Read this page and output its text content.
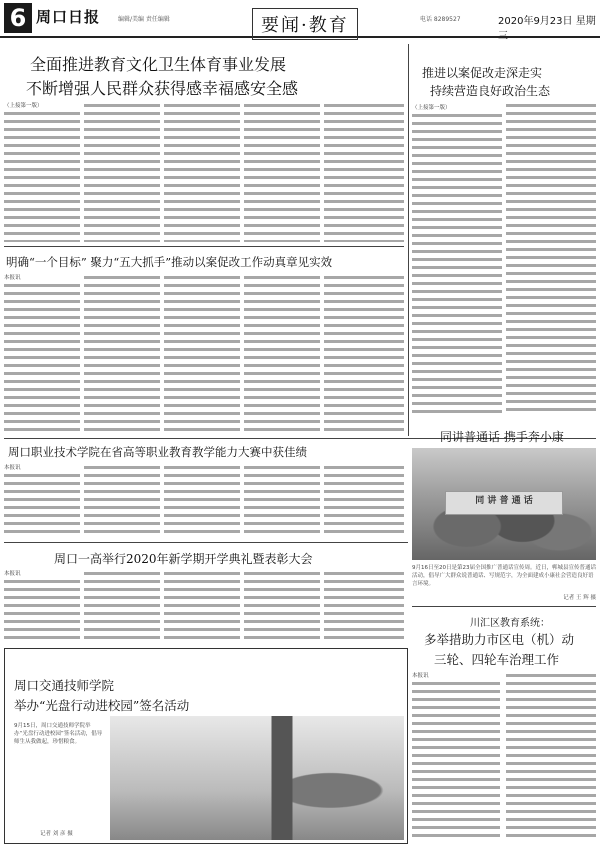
6 周口日报	编辑/美编 责任编辑	要闻·教育	电话 8289527	2020年9月23日 星期三
全面推进教育文化卫生体育事业发展
不断增强人民群众获得感幸福感安全感
（上接第一版）
推进以案促改走深走实
持续营造良好政治生态
（上接第一版）
明确“一个目标” 聚力“五大抓手”推动以案促改工作动真章见实效
本报讯
周口职业技术学院在省高等职业教育教学能力大赛中获佳绩
本报讯
同讲普通话 携手奔小康
同 讲 普 通 话
9月16日至20日是第23届全国推广普通话宣传周。近日，郸城县宣传普通话活动，倡导广大群众说普通话、写规范字，为全面建成小康社会营造良好语言环境。
记者 王 辉 摄
周口一高举行2020年新学期开学典礼暨表彰大会
本报讯
川汇区教育系统：
多举措助力市区电（机）动
三轮、四轮车治理工作
本报讯
周口交通技师学院
举办“光盘行动进校园”签名活动
9月15日，周口交通技师学院举办“光盘行动进校园”签名活动，倡导师生从我做起，珍惜粮食。
记者 刘 彦 摄
